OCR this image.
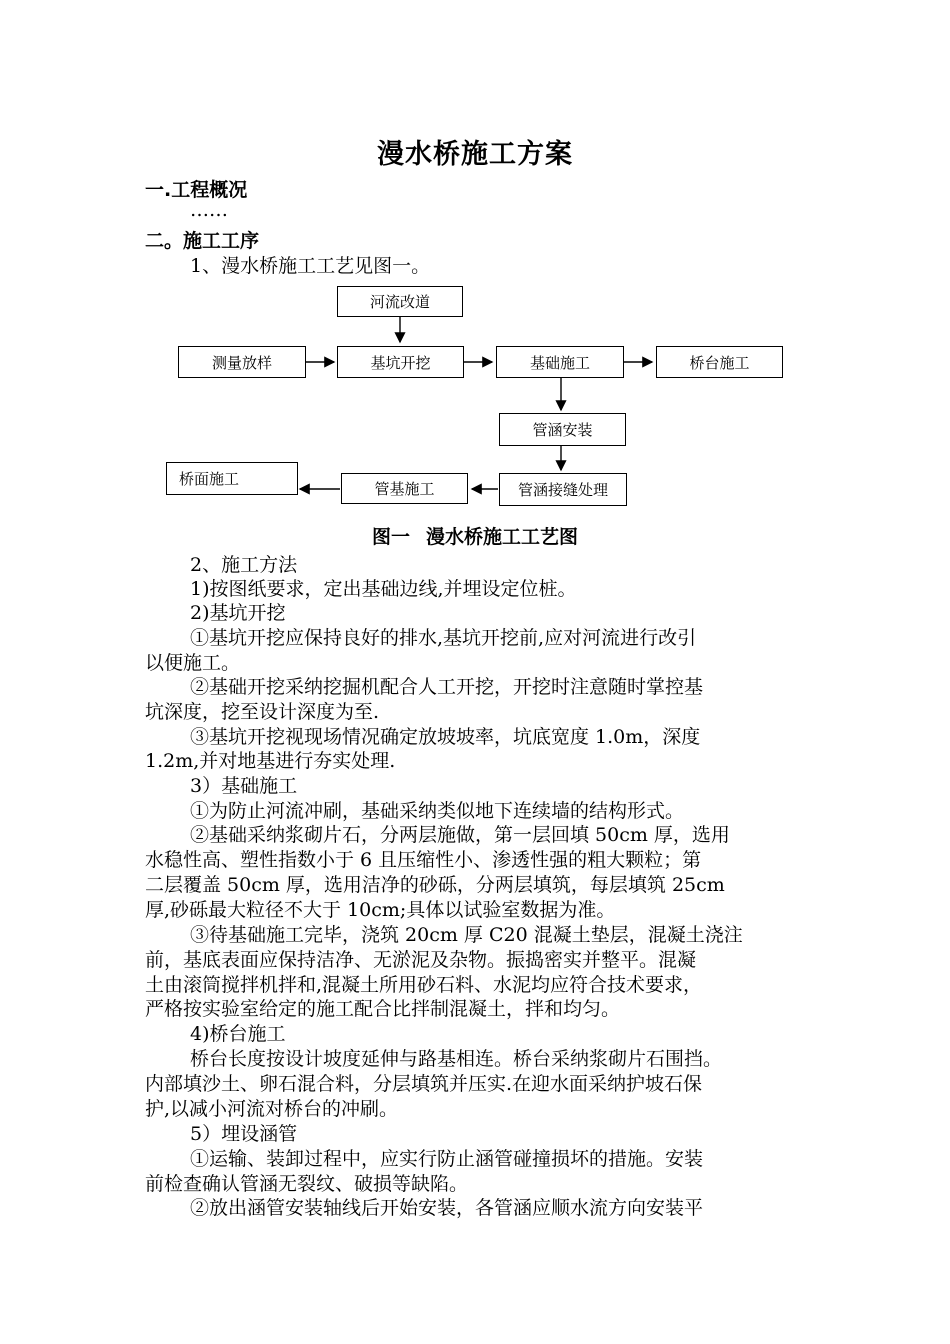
漫水桥施工方案
一.工程概况
……
二。施工工序
1、漫水桥施工工艺见图一。
河流改道
测量放样	基坑开挖	基础施工	桥台施工
管涵安装
管涵接缝处理
管基施工
桥面施工
图一 漫水桥施工工艺图
2、施工方法
1)按图纸要求，定出基础边线,并埋设定位桩。
2)基坑开挖
①基坑开挖应保持良好的排水,基坑开挖前,应对河流进行改引
以便施工。
②基础开挖采纳挖掘机配合人工开挖，开挖时注意随时掌控基
坑深度，挖至设计深度为至.
③基坑开挖视现场情况确定放坡坡率，坑底宽度 1.0m，深度
1.2m,并对地基进行夯实处理.
3）基础施工
①为防止河流冲刷，基础采纳类似地下连续墙的结构形式。
②基础采纳浆砌片石，分两层施做，第一层回填 50cm 厚，选用
水稳性高、塑性指数小于 6 且压缩性小、渗透性强的粗大颗粒；第
二层覆盖 50cm 厚，选用洁净的砂砾，分两层填筑，每层填筑 25cm
厚,砂砾最大粒径不大于 10cm;具体以试验室数据为准。
③待基础施工完毕，浇筑 20cm 厚 C20 混凝土垫层，混凝土浇注
前，基底表面应保持洁净、无淤泥及杂物。振捣密实并整平。混凝
土由滚筒搅拌机拌和,混凝土所用砂石料、水泥均应符合技术要求，
严格按实验室给定的施工配合比拌制混凝土，拌和均匀。
4)桥台施工
桥台长度按设计坡度延伸与路基相连。桥台采纳浆砌片石围挡。
内部填沙土、卵石混合料，分层填筑并压实.在迎水面采纳护坡石保
护,以减小河流对桥台的冲刷。
5）埋设涵管
①运输、装卸过程中，应实行防止涵管碰撞损坏的措施。安装
前检查确认管涵无裂纹、破损等缺陷。
②放出涵管安装轴线后开始安装，各管涵应顺水流方向安装平
